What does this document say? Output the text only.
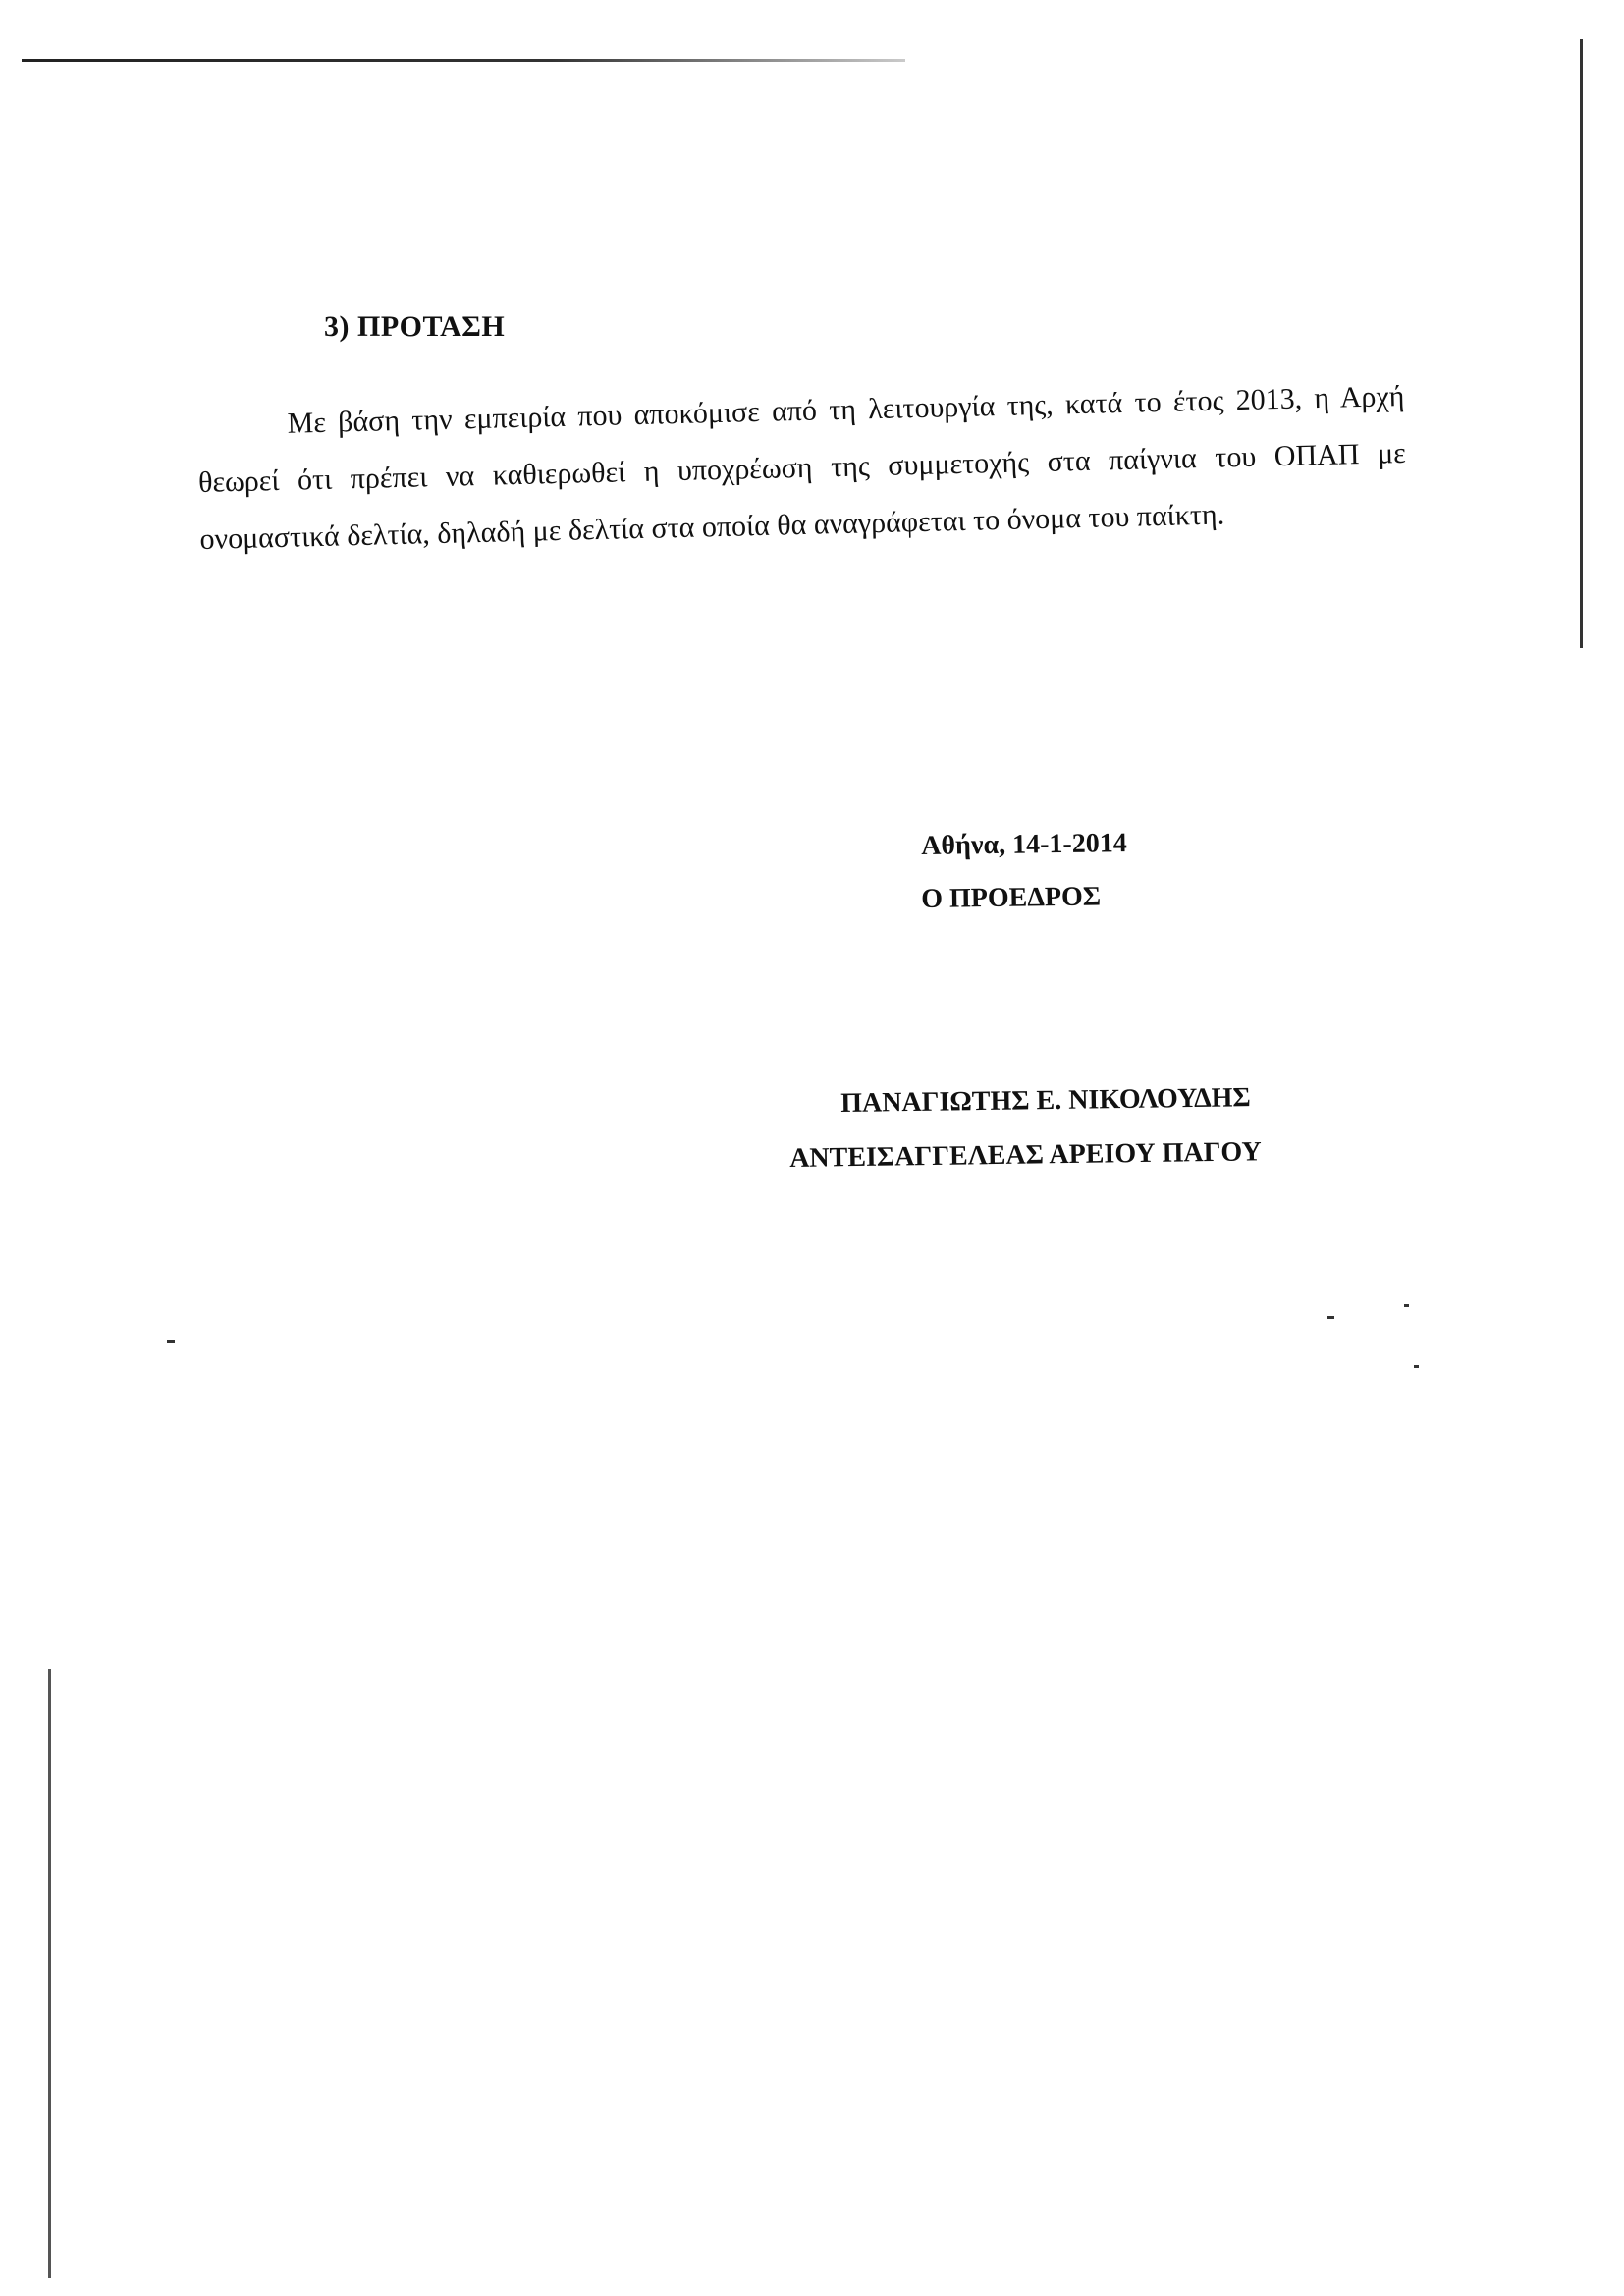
3) ΠΡΟΤΑΣΗ

Με βάση την εμπειρία που αποκόμισε από τη λειτουργία της, κατά το έτος 2013, η Αρχή θεωρεί ότι πρέπει να καθιερωθεί η υποχρέωση της συμμετοχής στα παίγνια του ΟΠΑΠ με ονομαστικά δελτία, δηλαδή με δελτία στα οποία θα αναγράφεται το όνομα του παίκτη.

Αθήνα, 14-1-2014
Ο ΠΡΟΕΔΡΟΣ
ΠΑΝΑΓΙΩΤΗΣ Ε. ΝΙΚΟΛΟΥΔΗΣ
ΑΝΤΕΙΣΑΓΓΕΛΕΑΣ ΑΡΕΙΟΥ ΠΑΓΟΥ
